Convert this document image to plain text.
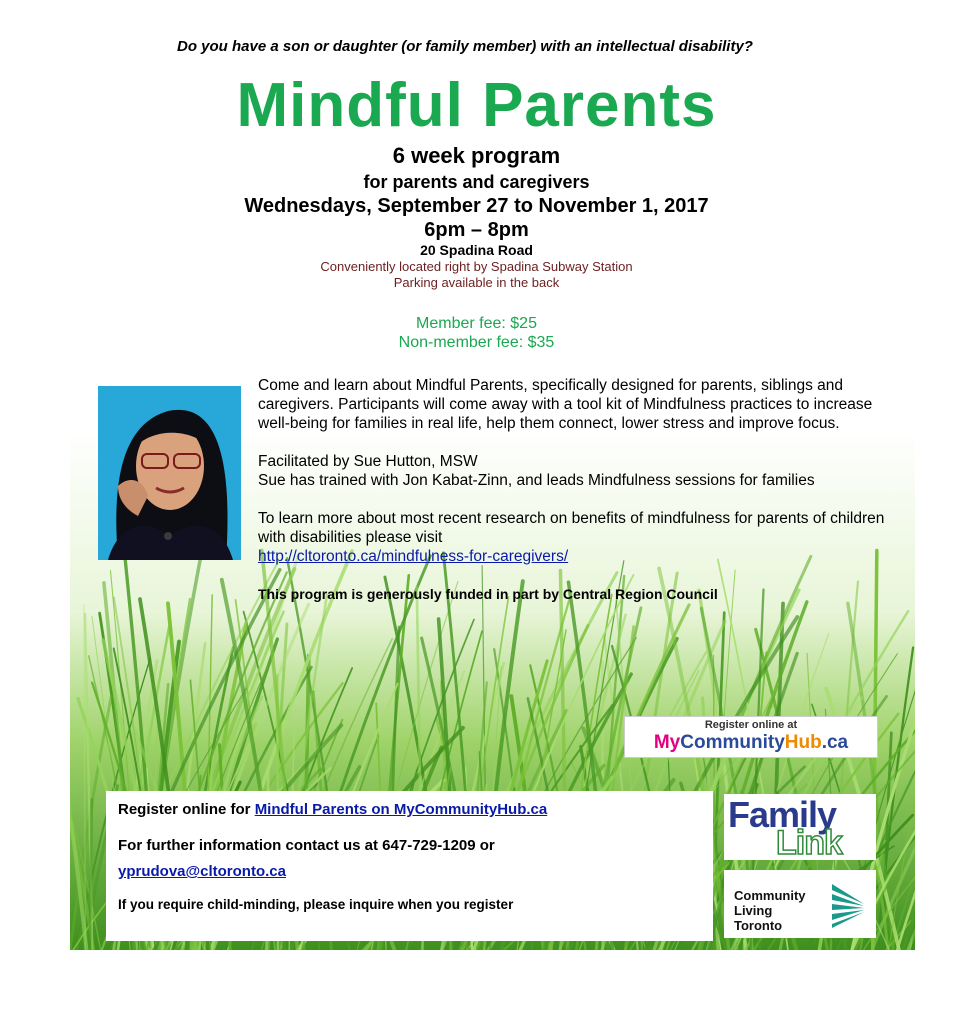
Do you have a son or daughter (or family member) with an intellectual disability?
Mindful Parents
6 week program
for parents and caregivers
Wednesdays, September 27 to November 1, 2017
6pm – 8pm
20 Spadina Road
Conveniently located right by Spadina Subway Station
Parking available in the back
Member fee: $25
Non-member fee: $35

Come and learn about Mindful Parents, specifically designed for parents, siblings and caregivers. Participants will come away with a tool kit of Mindfulness practices to increase well-being for families in real life, help them connect, lower stress and improve focus.

Facilitated by Sue Hutton, MSW
Sue has trained with Jon Kabat-Zinn, and leads Mindfulness sessions for families

To learn more about most recent research on benefits of mindfulness for parents of children with disabilities please visit
http://cltoronto.ca/mindfulness-for-caregivers/

This program is generously funded in part by Central Region Council

Register online at
MyCommunityHub.ca
Register online for Mindful Parents on MyCommunityHub.ca
For further information contact us at 647-729-1209 or
yprudova@cltoronto.ca
If you require child-minding, please inquire when you register
Family
Link
Community
Living
Toronto
